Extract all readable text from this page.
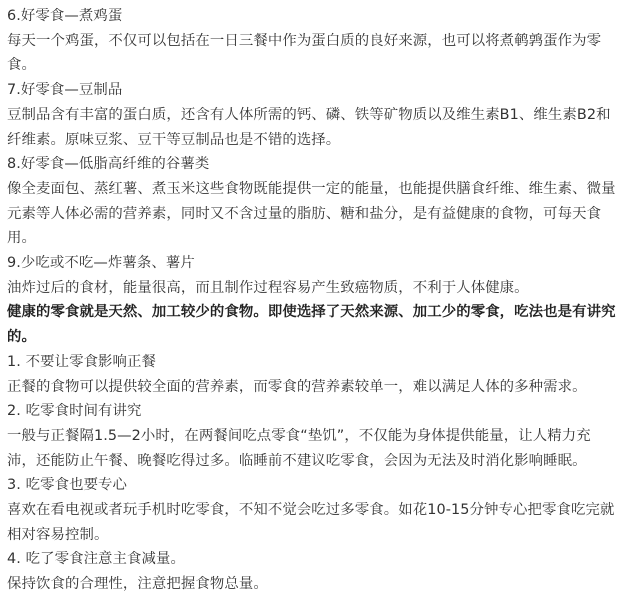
6.好零食—煮鸡蛋
每天一个鸡蛋，不仅可以包括在一日三餐中作为蛋白质的良好来源，也可以将煮鹌鹑蛋作为零
食。
7.好零食—豆制品
豆制品含有丰富的蛋白质，还含有人体所需的钙、磷、铁等矿物质以及维生素B1、维生素B2和
纤维素。原味豆浆、豆干等豆制品也是不错的选择。
8.好零食—低脂高纤维的谷薯类
像全麦面包、蒸红薯、煮玉米这些食物既能提供一定的能量，也能提供膳食纤维、维生素、微量
元素等人体必需的营养素，同时又不含过量的脂肪、糖和盐分，是有益健康的食物，可每天食
用。
9.少吃或不吃—炸薯条、薯片
油炸过后的食材，能量很高，而且制作过程容易产生致癌物质，不利于人体健康。
健康的零食就是天然、加工较少的食物。即使选择了天然来源、加工少的零食，吃法也是有讲究
的。
1. 不要让零食影响正餐
正餐的食物可以提供较全面的营养素，而零食的营养素较单一，难以满足人体的多种需求。
2. 吃零食时间有讲究
一般与正餐隔1.5—2小时，在两餐间吃点零食“垫饥”，不仅能为身体提供能量，让人精力充
沛，还能防止午餐、晚餐吃得过多。临睡前不建议吃零食，会因为无法及时消化影响睡眠。
3. 吃零食也要专心
喜欢在看电视或者玩手机时吃零食，不知不觉会吃过多零食。如花10-15分钟专心把零食吃完就
相对容易控制。
4. 吃了零食注意主食减量。
保持饮食的合理性，注意把握食物总量。
